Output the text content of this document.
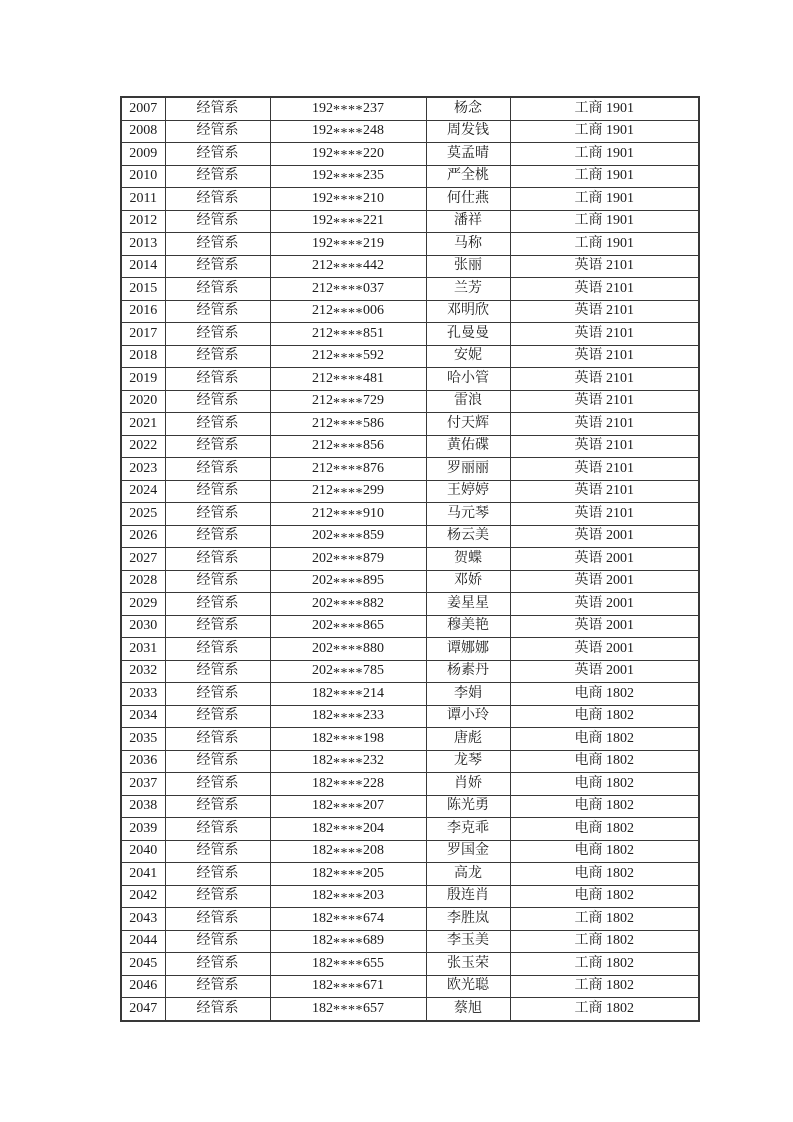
2007	经管系	192****237	杨念	工商 1901
2008	经管系	192****248	周发钱	工商 1901
2009	经管系	192****220	莫孟晴	工商 1901
2010	经管系	192****235	严全桃	工商 1901
2011	经管系	192****210	何仕燕	工商 1901
2012	经管系	192****221	潘祥	工商 1901
2013	经管系	192****219	马称	工商 1901
2014	经管系	212****442	张丽	英语 2101
2015	经管系	212****037	兰芳	英语 2101
2016	经管系	212****006	邓明欣	英语 2101
2017	经管系	212****851	孔曼曼	英语 2101
2018	经管系	212****592	安妮	英语 2101
2019	经管系	212****481	哈小管	英语 2101
2020	经管系	212****729	雷浪	英语 2101
2021	经管系	212****586	付天辉	英语 2101
2022	经管系	212****856	黄佑碟	英语 2101
2023	经管系	212****876	罗丽丽	英语 2101
2024	经管系	212****299	王婷婷	英语 2101
2025	经管系	212****910	马元琴	英语 2101
2026	经管系	202****859	杨云美	英语 2001
2027	经管系	202****879	贺蝶	英语 2001
2028	经管系	202****895	邓娇	英语 2001
2029	经管系	202****882	姜星星	英语 2001
2030	经管系	202****865	穆美艳	英语 2001
2031	经管系	202****880	谭娜娜	英语 2001
2032	经管系	202****785	杨素丹	英语 2001
2033	经管系	182****214	李娟	电商 1802
2034	经管系	182****233	谭小玲	电商 1802
2035	经管系	182****198	唐彪	电商 1802
2036	经管系	182****232	龙琴	电商 1802
2037	经管系	182****228	肖娇	电商 1802
2038	经管系	182****207	陈光勇	电商 1802
2039	经管系	182****204	李克乖	电商 1802
2040	经管系	182****208	罗国金	电商 1802
2041	经管系	182****205	高龙	电商 1802
2042	经管系	182****203	殷连肖	电商 1802
2043	经管系	182****674	李胜岚	工商 1802
2044	经管系	182****689	李玉美	工商 1802
2045	经管系	182****655	张玉荣	工商 1802
2046	经管系	182****671	欧光聪	工商 1802
2047	经管系	182****657	蔡旭	工商 1802
